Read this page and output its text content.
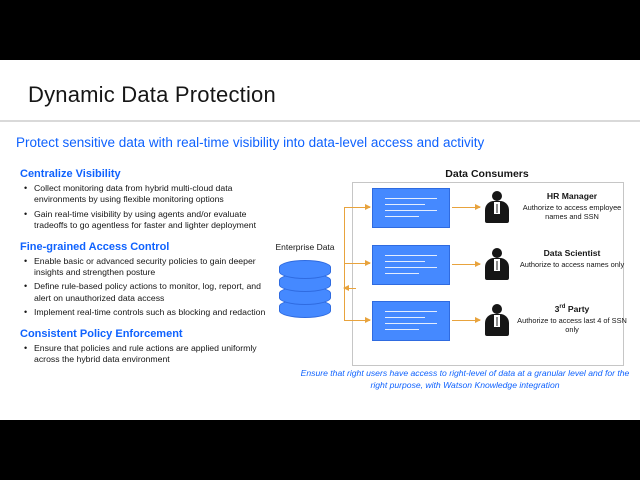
Dynamic Data Protection
Protect sensitive data with real-time visibility into data-level access and activity
Centralize Visibility
• Collect monitoring data from hybrid multi-cloud data environments by using flexible monitoring options
• Gain real-time visibility by using agents and/or evaluate tradeoffs to go agentless for faster and lighter deployment
Fine-grained Access Control
• Enable basic or advanced security policies to gain deeper insights and strengthen posture
• Define rule-based policy actions to monitor, log, report, and alert on unauthorized data access
• Implement real-time controls such as blocking and redaction
Consistent Policy Enforcement
• Ensure that policies and rule actions are applied uniformly across the hybrid data environment
Data Consumers
Enterprise Data
HR Manager
Authorize to access employee names and SSN
Data Scientist
Authorize to access names only
3rd Party
Authorize to access last 4 of SSN only
Ensure that right users have access to right-level of data at a granular level and for the right purpose, with Watson Knowledge integration
